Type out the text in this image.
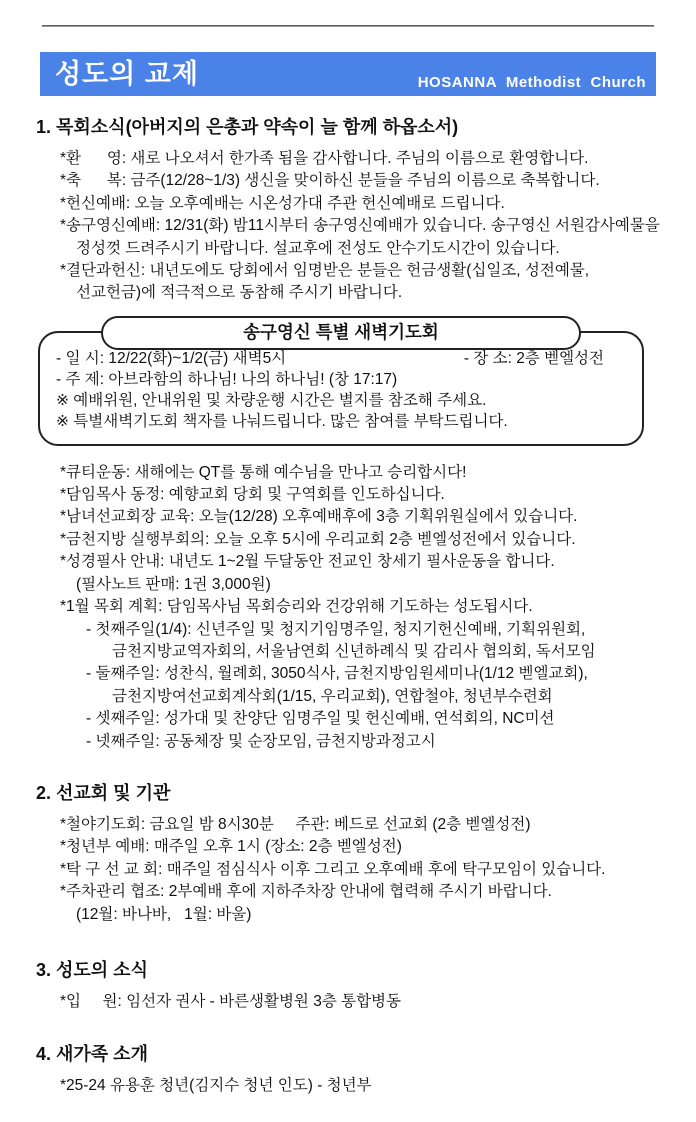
성도의 교제	HOSANNA  Methodist  Church
1. 목회소식(아버지의 은총과 약속이 늘 함께 하옵소서)
*환      영: 새로 나오셔서 한가족 됨을 감사합니다. 주님의 이름으로 환영합니다.
*축      복: 금주(12/28~1/3) 생신을 맞이하신 분들을 주님의 이름으로 축복합니다.
*헌신예배: 오늘 오후예배는 시온성가대 주관 헌신예배로 드립니다.
*송구영신예배: 12/31(화) 밤11시부터 송구영신예배가 있습니다. 송구영신 서원감사예물을
정성껏 드려주시기 바랍니다. 설교후에 전성도 안수기도시간이 있습니다.
*결단과헌신: 내년도에도 당회에서 임명받은 분들은 헌금생활(십일조, 성전예물,
선교헌금)에 적극적으로 동참해 주시기 바랍니다.
송구영신 특별 새벽기도회
- 일 시: 12/22(화)~1/2(금) 새벽5시	- 장 소: 2층 벧엘성전
- 주 제: 아브라함의 하나님! 나의 하나님! (창 17:17)
※ 예배위원, 안내위원 및 차량운행 시간은 별지를 참조해 주세요.
※ 특별새벽기도회 책자를 나눠드립니다. 많은 참여를 부탁드립니다.
*큐티운동: 새해에는 QT를 통해 예수님을 만나고 승리합시다!
*담임목사 동정: 예향교회 당회 및 구역회를 인도하십니다.
*남녀선교회장 교육: 오늘(12/28) 오후예배후에 3층 기획위원실에서 있습니다.
*금천지방 실행부회의: 오늘 오후 5시에 우리교회 2층 벧엘성전에서 있습니다.
*성경필사 안내: 내년도 1~2월 두달동안 전교인 창세기 필사운동을 합니다.
(필사노트 판매: 1권 3,000원)
*1월 목회 계획: 담임목사님 목회승리와 건강위해 기도하는 성도됩시다.
- 첫째주일(1/4): 신년주일 및 청지기임명주일, 청지기헌신예배, 기획위원회,
금천지방교역자회의, 서울남연회 신년하례식 및 감리사 협의회, 독서모임
- 둘째주일: 성찬식, 월례회, 3050식사, 금천지방임원세미나(1/12 벧엘교회),
금천지방여선교회계삭회(1/15, 우리교회), 연합철야, 청년부수련회
- 셋째주일: 성가대 및 찬양단 임명주일 및 헌신예배, 연석회의, NC미션
- 넷째주일: 공동체장 및 순장모임, 금천지방과정고시
2. 선교회 및 기관
*철야기도회: 금요일 밤 8시30분     주관: 베드로 선교회 (2층 벧엘성전)
*청년부 예배: 매주일 오후 1시 (장소: 2층 벧엘성전)
*탁 구 선 교 회: 매주일 점심식사 이후 그리고 오후예배 후에 탁구모임이 있습니다.
*주차관리 협조: 2부예배 후에 지하주차장 안내에 협력해 주시기 바랍니다.
(12월: 바나바,   1월: 바울)
3. 성도의 소식
*입     원: 임선자 권사 - 바른생활병원 3층 통합병동
4. 새가족 소개
*25-24 유용훈 청년(김지수 청년 인도) - 청년부
